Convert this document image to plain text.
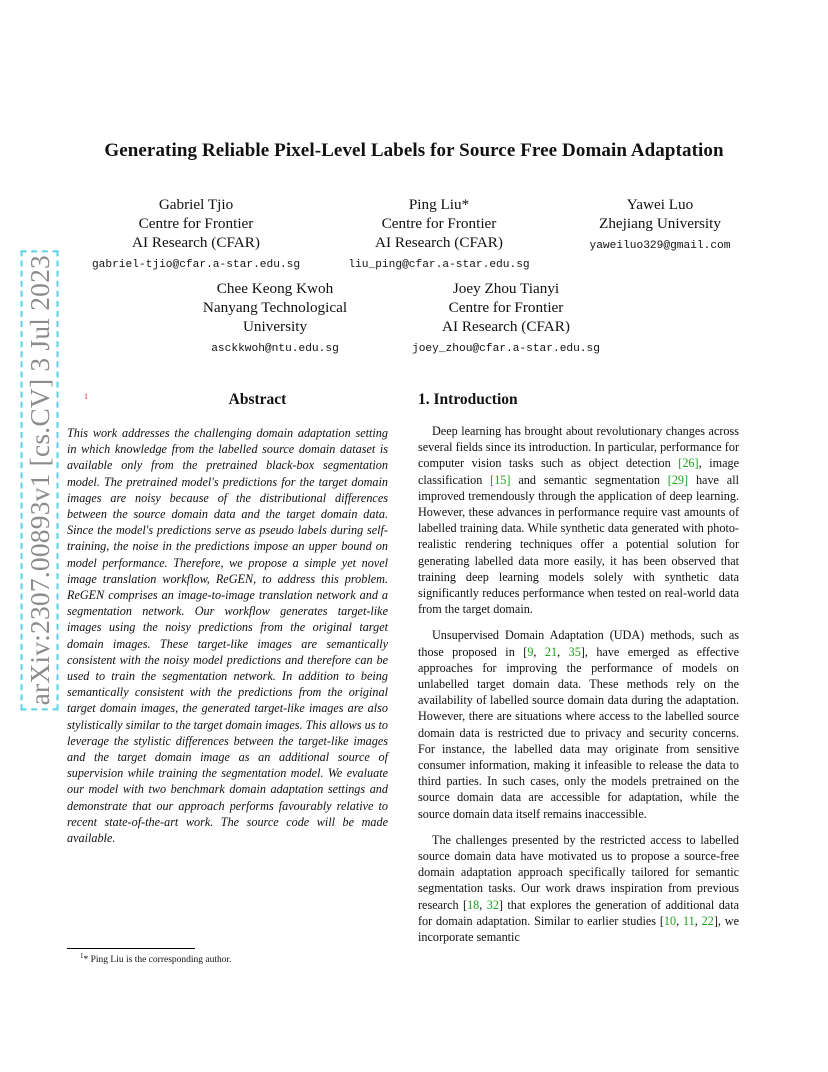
arXiv:2307.00893v1 [cs.CV] 3 Jul 2023
Generating Reliable Pixel-Level Labels for Source Free Domain Adaptation
Gabriel Tjio
Centre for Frontier
AI Research (CFAR)
gabriel-tjio@cfar.a-star.edu.sg
Ping Liu*
Centre for Frontier
AI Research (CFAR)
liu_ping@cfar.a-star.edu.sg
Yawei Luo
Zhejiang University
yaweiluo329@gmail.com
Chee Keong Kwoh
Nanyang Technological
University
asckkwoh@ntu.edu.sg
Joey Zhou Tianyi
Centre for Frontier
AI Research (CFAR)
joey_zhou@cfar.a-star.edu.sg
1	Abstract
This work addresses the challenging domain adaptation setting in which knowledge from the labelled source domain dataset is available only from the pretrained black-box segmentation model. The pretrained model's predictions for the target domain images are noisy because of the distributional differences between the source domain data and the target domain data. Since the model's predictions serve as pseudo labels during self-training, the noise in the predictions impose an upper bound on model performance. Therefore, we propose a simple yet novel image translation workflow, ReGEN, to address this problem. ReGEN comprises an image-to-image translation network and a segmentation network. Our workflow generates target-like images using the noisy predictions from the original target domain images. These target-like images are semantically consistent with the noisy model predictions and therefore can be used to train the segmentation network. In addition to being semantically consistent with the predictions from the original target domain images, the generated target-like images are also stylistically similar to the target domain images. This allows us to leverage the stylistic differences between the target-like images and the target domain image as an additional source of supervision while training the segmentation model. We evaluate our model with two benchmark domain adaptation settings and demonstrate that our approach performs favourably relative to recent state-of-the-art work. The source code will be made available.
1. Introduction

Deep learning has brought about revolutionary changes across several fields since its introduction. In particular, performance for computer vision tasks such as object detection [26], image classification [15] and semantic segmentation [29] have all improved tremendously through the application of deep learning. However, these advances in performance require vast amounts of labelled training data. While synthetic data generated with photo-realistic rendering techniques offer a potential solution for generating labelled data more easily, it has been observed that training deep learning models solely with synthetic data significantly reduces performance when tested on real-world data from the target domain.

Unsupervised Domain Adaptation (UDA) methods, such as those proposed in [9, 21, 35], have emerged as effective approaches for improving the performance of models on unlabelled target domain data. These methods rely on the availability of labelled source domain data during the adaptation. However, there are situations where access to the labelled source domain data is restricted due to privacy and security concerns. For instance, the labelled data may originate from sensitive consumer information, making it infeasible to release the data to third parties. In such cases, only the models pretrained on the source domain data are accessible for adaptation, while the source domain data itself remains inaccessible.

The challenges presented by the restricted access to labelled source domain data have motivated us to propose a source-free domain adaptation approach specifically tailored for semantic segmentation tasks. Our work draws inspiration from previous research [18, 32] that explores the generation of additional data for domain adaptation. Similar to earlier studies [10, 11, 22], we incorporate semantic

$^1$* Ping Liu is the corresponding author.
